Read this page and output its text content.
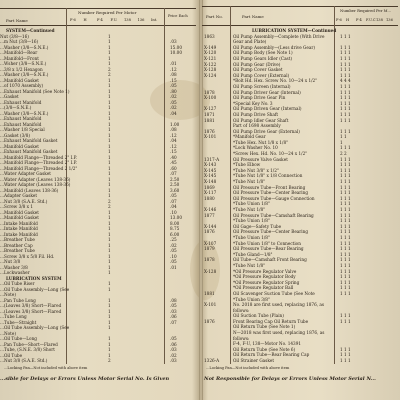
Part Name
Number Required Per Motor
Price Each
F-6 H	F-4 F.U. 138 136 Int.
SYSTEM—Continued
Nut (3/8—16)	1
...m Nut (3/8—16)	1	.03
...Washer (3/8—S.N.E.)	1	15.00
...Manifold—Rear	1	10.00
...Manifold—Front	1
...Wsher (3/8—S.N.E.)	1	.01
...3/8 x 1/2 Hexagon	2	.12
...Washer (3/8—S.N.E.)	2	.08
...Manifold Gasket	1	.15
...of 1070 Assembly)	1	.05
...Exhaust Manifold (See Note 1)	1	.80
...Gasket	1	.02
...Exhaust Manifold	1	.05
...(3/8—S.N.E.)	1	.02
...Washer (3/8—S.N.E.)	1	.04
...Exhaust Manifold	1
...Exhaust Manifold	1	1.00
...Washer 1/8 Special	1	.08
...Gasket (3/8)	1	.12
...Exhaust Manifold Gasket	1	.04
...Manifold Gasket	1	.12
...Exhaust Manifold Gasket	1	.15
...Manifold Flange—Threaded 2" I.P.	1	.40
...Manifold Flange—Threaded 2" I.P.	1	.45
...Manifold Flange—Threaded 2 1/2"	1	.60
...Water Adapter Gasket	1	.07
...Water Adapter (Leaves 138-36)	1	2.50
...Water Adapter (Leaves 138-36)	1	2.50
...Manifold (Leaves 138-36)	1	3.60
...Adapter Gasket	1	.05
...Nut 3/8 (S.A.E. Std.)	2	.07
...Screw 3/8 x 1	2	.04
...Manifold Gasket	1	.10
...Manifold Gasket	1	13.00
...Intake Manifold	1	8.00
...Intake Manifold	1	8.75
...Intake Manifold	1	6.00
...Breather Tube	1	.25
...Breather Cap	1	.02
...Breather Tube	1	.05
...Screw 3/8 x 5/8 Fil. Hd.	1	.10
...Nut 3/8	1	.05
...Washer 3/8	1	.01
...Lockwasher	1
LUBRICATION SYSTEM
...Oil Tube Riser	1
...Oil Tube Assembly—Long (See	1
...Note)
...Pan Tube Long	1	.08
...(Leaves 3/8) Short—Flared	1	.05
...(Leaves 3/8) Short—Flared	1	.03
...Tube Long	1	.06
...Tube—Straight	1	.07
...Oil Tube Assembly—Long (See	1
...Note)
...Oil Tube—Long	1	.05
...Pan Tube—Short—Flared	1	.06
...Tube, (S.N.E. 3/8) Short	1	.03
...Oil Tube	1	.02
...Nut 3/8 (S.A.E. Std.)	2	.03
...Locking Pan—Not included with above item
...sible for Delays or Errors Unless Motor Serial No. Is Given
Part No.	Part Name
Number Required Per M...
F-6 H F-4 F.U.C 138 136
LUBRICATION SYSTEM—Continued
1863	Oil Pump Assembly—Complete (With Drive	1 1 1
Gear and Plate)
X-149	Oil Pump Assembly—(Less drive Gear)	1 1 1
X-120	Oil Pump Body (See Note 1)	1 1 1
X-121	Oil Pump Gears Idler (Cast)	1 1 1
X-122	Oil Pump Gear (Drive)	1 1 1
X-128	Oil Pump Cover Gasket	1 1 1
X-124	Oil Pump Cover (External)	1 1 1
*Bolt Hd. Hex. Screw No. 10—24 x 1/2"	4 4 4
Oil Pump Screen (Internal)	1 1 1
1878	Oil Pump Driver Gear (Internal)	1 1 1
X-100	Oil Pump Drive Gear Pin	1 1 1
*Special Key No. 3	1 1 1
X-127	Oil Pump Driven Gear (Internal)	1 1 1
1871	Oil Pump Drive Shaft	1 1 1
1881	Oil Pump Idler Gear Shaft	1 1 1
Part of 1698 Assembly
1876	Oil Pump Drive Gear (External)	1 1 1
X-101	*Manifold Gear	1 1
*Tube Hex. Nut 1/8 x 1/8"	1
*Lock Washer No. 10	1 1 1
*Screw Hex. Hd. No. 10—24 x 1/2"	2 2
1317-A	Oil Pressure Valve Gasket	1 1 1
X-143	*Tube Elbow	1 1 1
X-145	*Tube Nut 3/8" x 1/2"	1 1 1
X-145	*Tube Nut 1/8" x 1/8 Connection	1 1 1
X-148	*Tube Nut 1/8"	1 1 1
1869	Oil Pressure Tube—Front Bearing	1 1 1
X-117	Oil Pressure Tube—Center Bearing	1 1 1
1880	Oil Pressure Tube—Gauge Connection	1 1 1
*Tube Union 1/8"	1 1 1
X-146	*Tube Nut 1/8"	1 1 1
1877	Oil Pressure Tube—Camshaft Bearing	1 1 1
*Tube Union 1/8"	1 1 1
X-144	Oil Gage—Safety Tube	1 1 1
1876	Oil Pressure Tube—Center Bearing	1 1 1
*Tube Union 1/8"	1 1 1
X-107	*Tube Union 1/8" to Connection	1 1 1
1879	Oil Pressure Tube—Rear Bearing	1 1 1
*Tube Gland—1/8"	1 1 1
1878	Oil Tube—Camshaft Front Bearing	1 1 1
*Tube Nut 1/8"	1 1 1
X-128	*Oil Pressure Regulator Valve	1 1 1
*Oil Pressure Regulator Body	1 1 1
*Oil Pressure Regulator Spring	1 1 1
*Oil Pressure Regulator Ball	1 1 1
1881	Oil Scavenger Suction Tube (See Note	1 1 1
*Tube Union 3/8"
X-101	No. 2018 are first used, replacing 1876, as
follows:
Oil Suction Tube (Plain)	1 1 1
1876	Front Bearing Cap Oil Return Tube	1 1 1
Oil Return Tube (See Note 1)
N—2018 was first used, replacing 1876, as
follows:
F-4, F-U, 138—Motor No. 14391
Oil Return Tube (See Note 6)	1 1 1
Oil Return Tube—Rear Bearing Cap	1 1 1
1326-A	Oil Strainer Gasket	1 1 1
...Locking Pan—Not included with above item
Not Responsible for Delays or Errors Unless Motor Serial N...
